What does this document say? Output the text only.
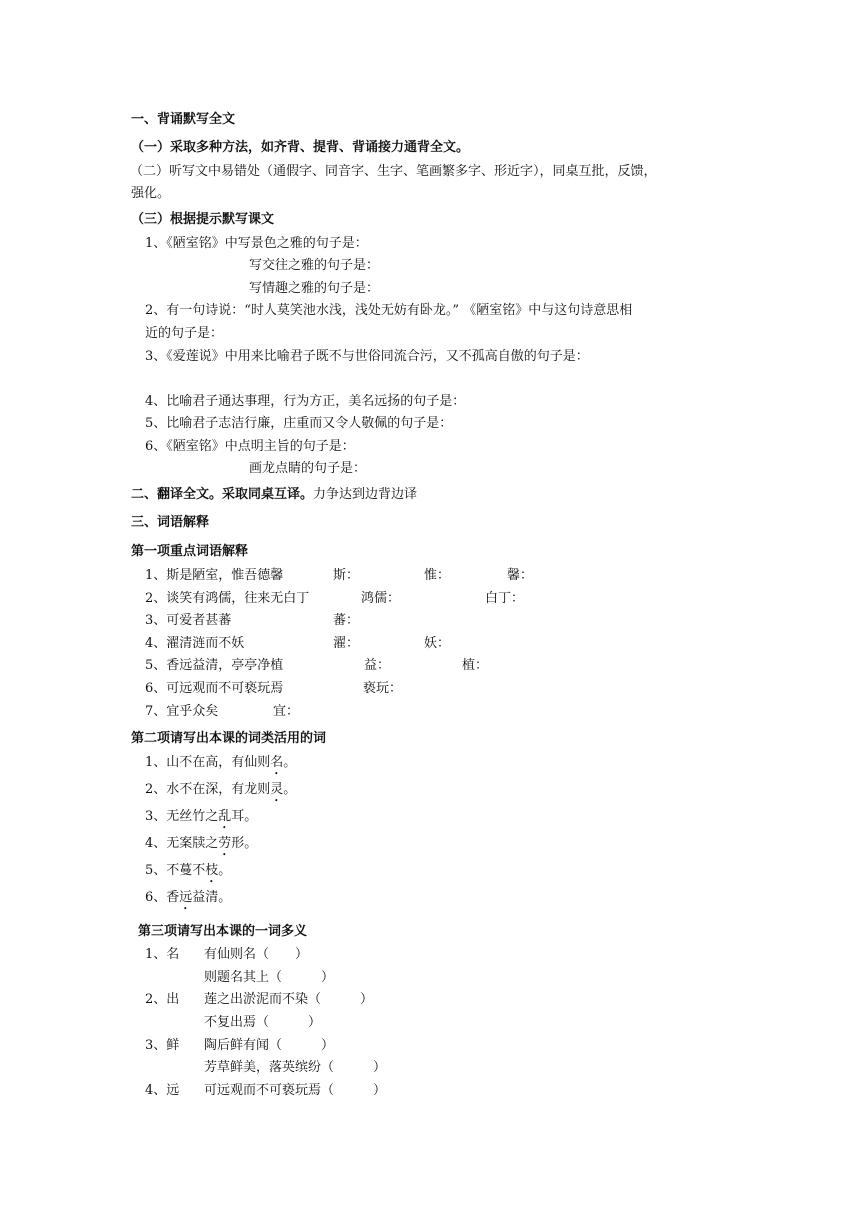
一、背诵默写全文
（一）采取多种方法，如齐背、提背、背诵接力通背全文。
（二）听写文中易错处（通假字、同音字、生字、笔画繁多字、形近字），同桌互批，反馈，
强化。
（三）根据提示默写课文
1、《陋室铭》中写景色之雅的句子是：
写交往之雅的句子是：
写情趣之雅的句子是：
2、有一句诗说：“时人莫笑池水浅，浅处无妨有卧龙。” 《陋室铭》中与这句诗意思相
近的句子是：
3、《爱莲说》中用来比喻君子既不与世俗同流合污，又不孤高自傲的句子是：
4、比喻君子通达事理，行为方正，美名远扬的句子是：
5、比喻君子志洁行廉，庄重而又令人敬佩的句子是：
6、《陋室铭》中点明主旨的句子是：
画龙点睛的句子是：
二、翻译全文。采取同桌互译。力争达到边背边译
三、词语解释
第一项重点词语解释
1、斯是陋室，惟吾德馨	斯：	惟：	馨：
2、谈笑有鸿儒，往来无白丁	鸿儒：	白丁：
3、可爱者甚蕃	蕃：
4、濯清涟而不妖	濯：	妖：
5、香远益清，亭亭净植	益：	植：
6、可远观而不可亵玩焉	亵玩：
7、宜乎众矣	宜：
第二项请写出本课的词类活用的词
1、山不在高，有仙则名。
2、水不在深，有龙则灵。
3、无丝竹之乱耳。
4、无案牍之劳形。
5、不蔓不枝。
6、香远益清。
第三项请写出本课的一词多义
1、名 有仙则名（　　）
则题名其上（　　　）
2、出 莲之出淤泥而不染（　　　）
不复出焉（　　　）
3、鲜 陶后鲜有闻（　　　）
芳草鲜美，落英缤纷（　　　）
4、远 可远观而不可亵玩焉（　　　）
